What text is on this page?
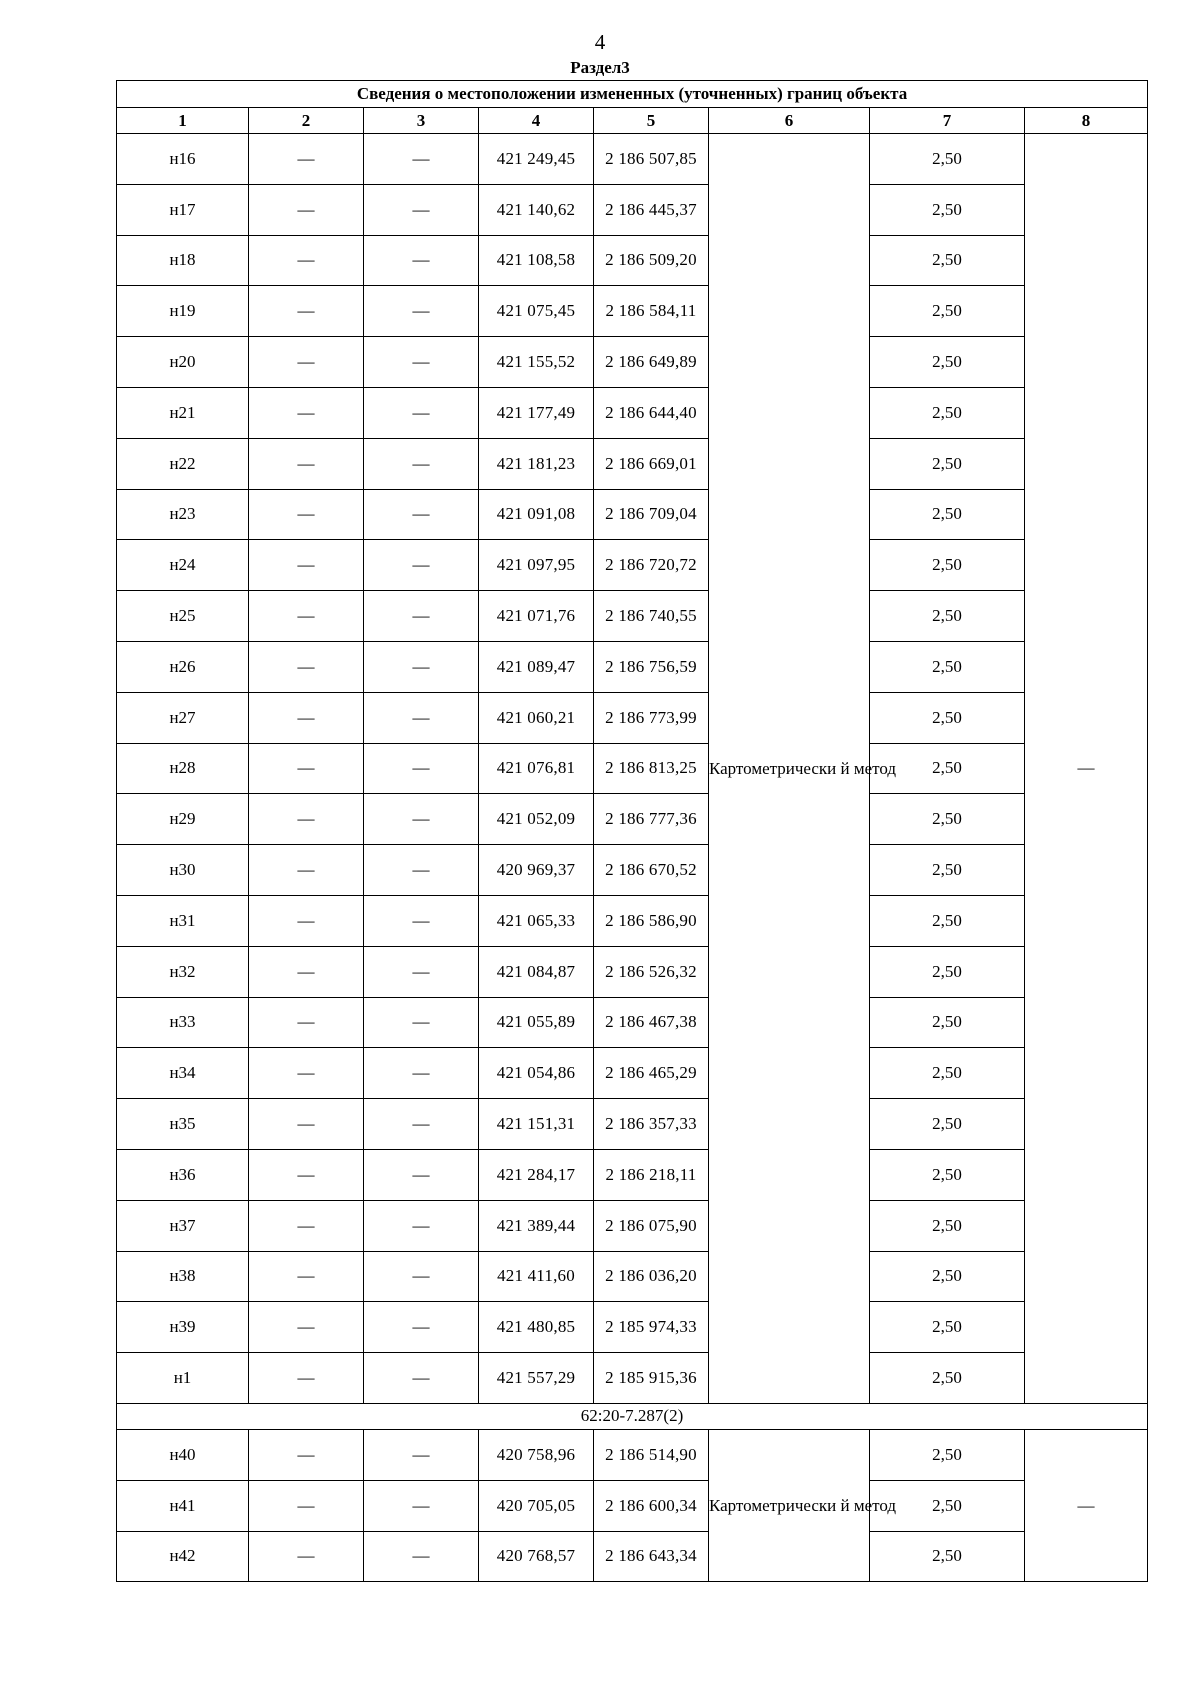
4
Раздел3
Сведения о местоположении измененных (уточненных) границ объекта							
1	2	3	4	5	6	7	8
н16	—	—	421 249,45	2 186 507,85	Картометрически й метод	2,50	—
н17	—	—	421 140,62	2 186 445,37		2,50	
н18	—	—	421 108,58	2 186 509,20		2,50	
н19	—	—	421 075,45	2 186 584,11		2,50	
н20	—	—	421 155,52	2 186 649,89		2,50	
н21	—	—	421 177,49	2 186 644,40		2,50	
н22	—	—	421 181,23	2 186 669,01		2,50	
н23	—	—	421 091,08	2 186 709,04		2,50	
н24	—	—	421 097,95	2 186 720,72		2,50	
н25	—	—	421 071,76	2 186 740,55		2,50	
н26	—	—	421 089,47	2 186 756,59		2,50	
н27	—	—	421 060,21	2 186 773,99		2,50	
н28	—	—	421 076,81	2 186 813,25		2,50	
н29	—	—	421 052,09	2 186 777,36		2,50	
н30	—	—	420 969,37	2 186 670,52		2,50	
н31	—	—	421 065,33	2 186 586,90		2,50	
н32	—	—	421 084,87	2 186 526,32		2,50	
н33	—	—	421 055,89	2 186 467,38		2,50	
н34	—	—	421 054,86	2 186 465,29		2,50	
н35	—	—	421 151,31	2 186 357,33		2,50	
н36	—	—	421 284,17	2 186 218,11		2,50	
н37	—	—	421 389,44	2 186 075,90		2,50	
н38	—	—	421 411,60	2 186 036,20		2,50	
н39	—	—	421 480,85	2 185 974,33		2,50	
н1	—	—	421 557,29	2 185 915,36		2,50	
62:20-7.287(2)							
н40	—	—	420 758,96	2 186 514,90	Картометрически й метод	2,50	—
н41	—	—	420 705,05	2 186 600,34		2,50	
н42	—	—	420 768,57	2 186 643,34		2,50	
